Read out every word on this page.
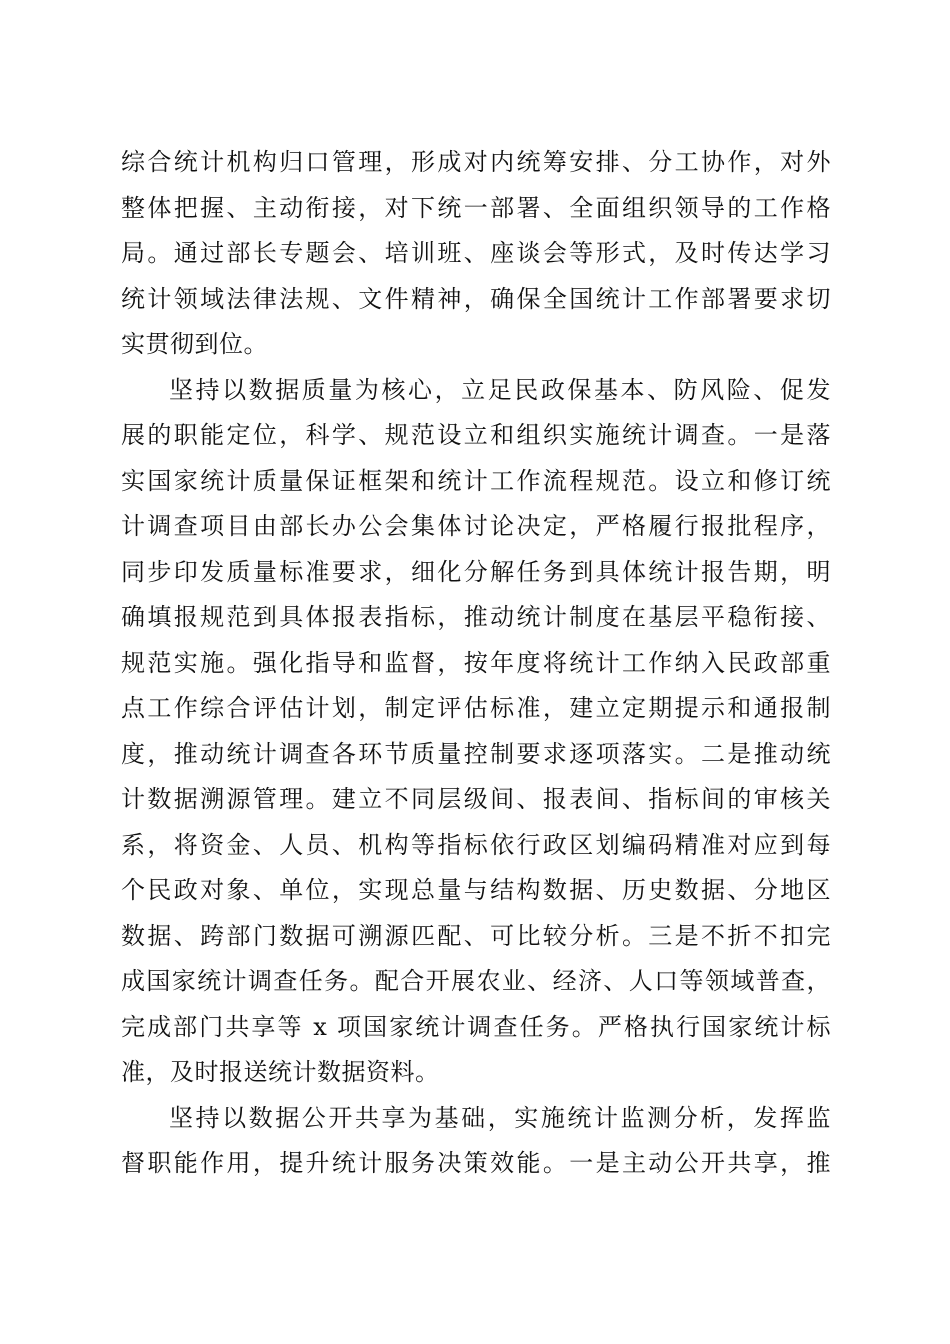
综合统计机构归口管理，形成对内统筹安排、分工协作，对外
整体把握、主动衔接，对下统一部署、全面组织领导的工作格
局。通过部长专题会、培训班、座谈会等形式，及时传达学习
统计领域法律法规、文件精神，确保全国统计工作部署要求切
实贯彻到位。
坚持以数据质量为核心，立足民政保基本、防风险、促发
展的职能定位，科学、规范设立和组织实施统计调查。一是落
实国家统计质量保证框架和统计工作流程规范。设立和修订统
计调查项目由部长办公会集体讨论决定，严格履行报批程序，
同步印发质量标准要求，细化分解任务到具体统计报告期，明
确填报规范到具体报表指标，推动统计制度在基层平稳衔接、
规范实施。强化指导和监督，按年度将统计工作纳入民政部重
点工作综合评估计划，制定评估标准，建立定期提示和通报制
度，推动统计调查各环节质量控制要求逐项落实。二是推动统
计数据溯源管理。建立不同层级间、报表间、指标间的审核关
系，将资金、人员、机构等指标依行政区划编码精准对应到每
个民政对象、单位，实现总量与结构数据、历史数据、分地区
数据、跨部门数据可溯源匹配、可比较分析。三是不折不扣完
成国家统计调查任务。配合开展农业、经济、人口等领域普查，
完成部门共享等 x 项国家统计调查任务。严格执行国家统计标
准，及时报送统计数据资料。
坚持以数据公开共享为基础，实施统计监测分析，发挥监
督职能作用，提升统计服务决策效能。一是主动公开共享，推
